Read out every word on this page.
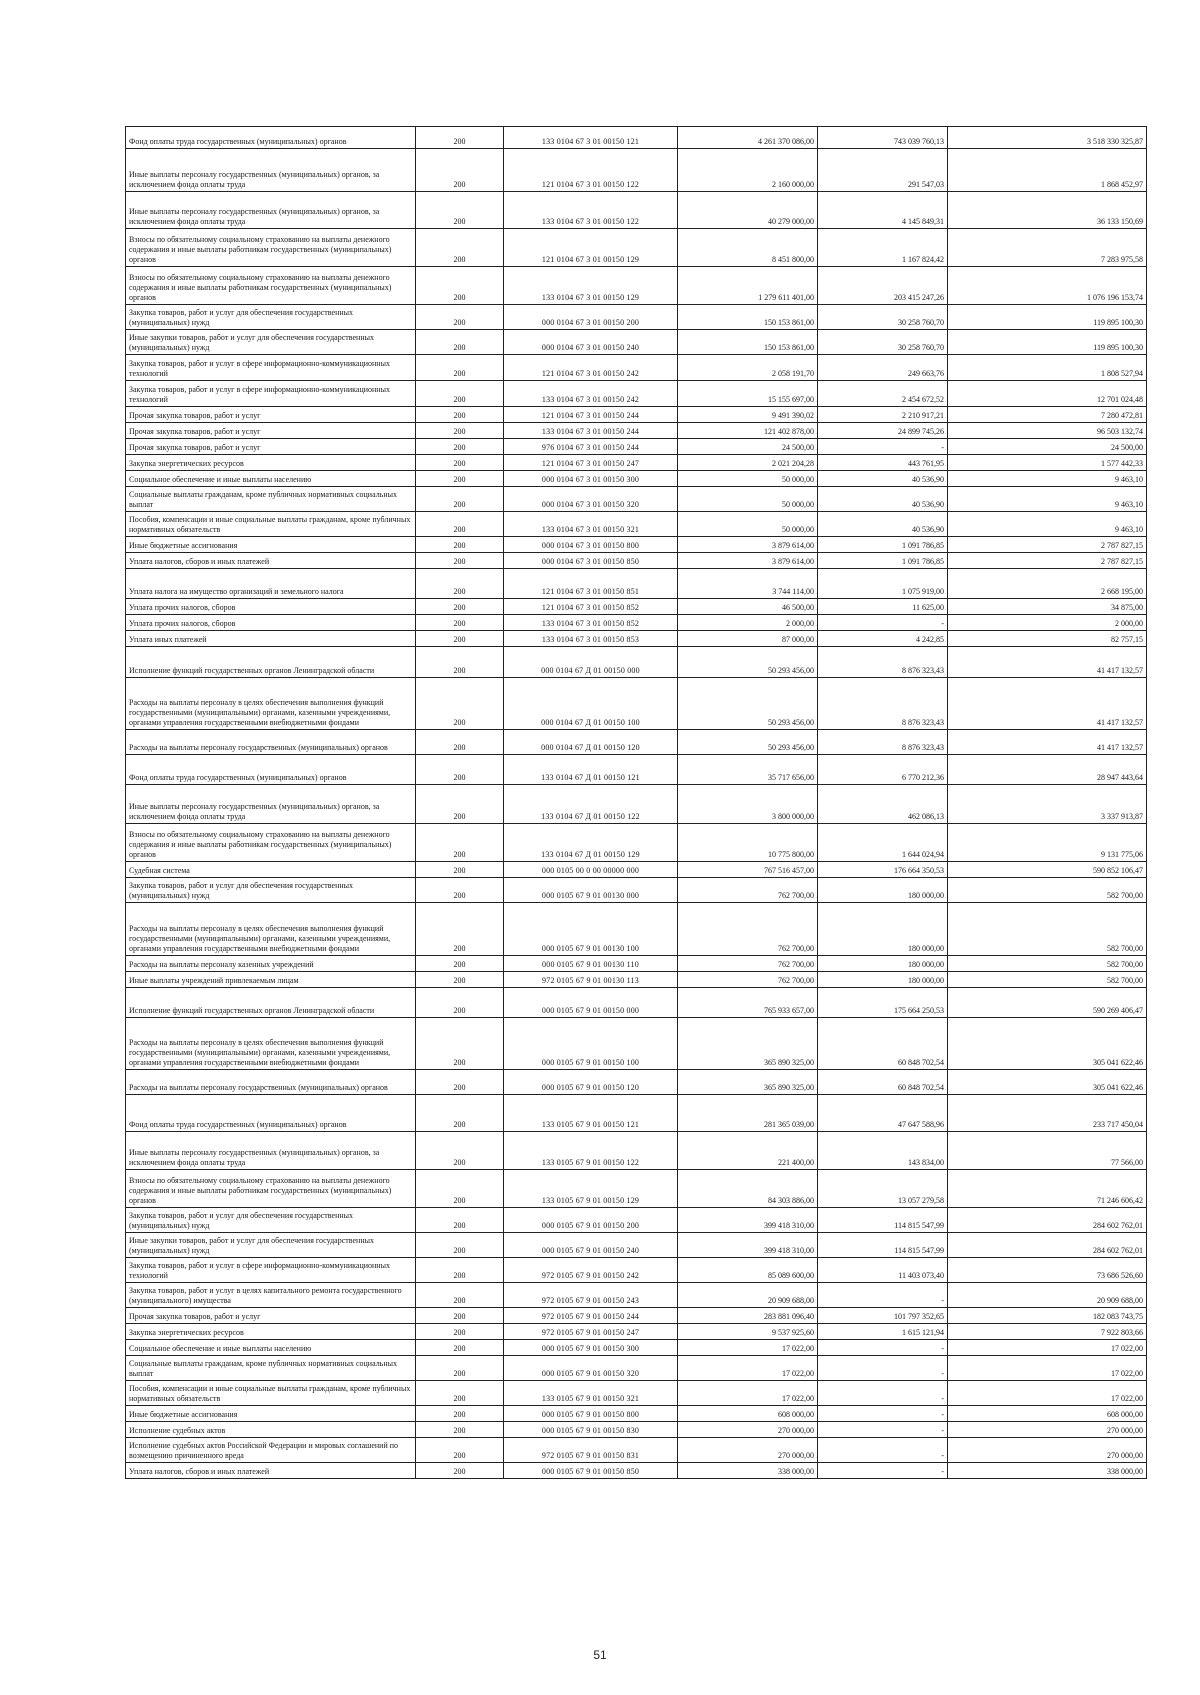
Фонд оплаты труда государственных (муниципальных) органов	200	133 0104 67 3 01 00150 121	4 261 370 086,00	743 039 760,13	3 518 330 325,87
Иные выплаты персоналу государственных (муниципальных) органов, за исключением фонда оплаты труда	200	121 0104 67 3 01 00150 122	2 160 000,00	291 547,03	1 868 452,97
Иные выплаты персоналу государственных (муниципальных) органов, за исключением фонда оплаты труда	200	133 0104 67 3 01 00150 122	40 279 000,00	4 145 849,31	36 133 150,69
Взносы по обязательному социальному страхованию на выплаты денежного содержания и иные выплаты работникам государственных (муниципальных) органов	200	121 0104 67 3 01 00150 129	8 451 800,00	1 167 824,42	7 283 975,58
Взносы по обязательному социальному страхованию на выплаты денежного содержания и иные выплаты работникам государственных (муниципальных) органов	200	133 0104 67 3 01 00150 129	1 279 611 401,00	203 415 247,26	1 076 196 153,74
Закупка товаров, работ и услуг для обеспечения государственных (муниципальных) нужд	200	000 0104 67 3 01 00150 200	150 153 861,00	30 258 760,70	119 895 100,30
Иные закупки товаров, работ и услуг для обеспечения государственных (муниципальных) нужд	200	000 0104 67 3 01 00150 240	150 153 861,00	30 258 760,70	119 895 100,30
Закупка товаров, работ и услуг в сфере информационно-коммуникационных технологий	200	121 0104 67 3 01 00150 242	2 058 191,70	249 663,76	1 808 527,94
Закупка товаров, работ и услуг в сфере информационно-коммуникационных технологий	200	133 0104 67 3 01 00150 242	15 155 697,00	2 454 672,52	12 701 024,48
Прочая закупка товаров, работ и услуг	200	121 0104 67 3 01 00150 244	9 491 390,02	2 210 917,21	7 280 472,81
Прочая закупка товаров, работ и услуг	200	133 0104 67 3 01 00150 244	121 402 878,00	24 899 745,26	96 503 132,74
Прочая закупка товаров, работ и услуг	200	976 0104 67 3 01 00150 244	24 500,00	-	24 500,00
Закупка энергетических ресурсов	200	121 0104 67 3 01 00150 247	2 021 204,28	443 761,95	1 577 442,33
Социальное обеспечение и иные выплаты населению	200	000 0104 67 3 01 00150 300	50 000,00	40 536,90	9 463,10
Социальные выплаты гражданам, кроме публичных нормативных социальных выплат	200	000 0104 67 3 01 00150 320	50 000,00	40 536,90	9 463,10
Пособия, компенсации и иные социальные выплаты гражданам, кроме публичных нормативных обязательств	200	133 0104 67 3 01 00150 321	50 000,00	40 536,90	9 463,10
Иные бюджетные ассигнования	200	000 0104 67 3 01 00150 800	3 879 614,00	1 091 786,85	2 787 827,15
Уплата налогов, сборов и иных платежей	200	000 0104 67 3 01 00150 850	3 879 614,00	1 091 786,85	2 787 827,15
Уплата налога на имущество организаций и земельного налога	200	121 0104 67 3 01 00150 851	3 744 114,00	1 075 919,00	2 668 195,00
Уплата прочих налогов, сборов	200	121 0104 67 3 01 00150 852	46 500,00	11 625,00	34 875,00
Уплата прочих налогов, сборов	200	133 0104 67 3 01 00150 852	2 000,00	-	2 000,00
Уплата иных платежей	200	133 0104 67 3 01 00150 853	87 000,00	4 242,85	82 757,15
Исполнение функций государственных органов Ленинградской области	200	000 0104 67 Д 01 00150 000	50 293 456,00	8 876 323,43	41 417 132,57
Расходы на выплаты персоналу в целях обеспечения выполнения функций государственными (муниципальными) органами, казенными учреждениями, органами управления государственными внебюджетными фондами	200	000 0104 67 Д 01 00150 100	50 293 456,00	8 876 323,43	41 417 132,57
Расходы на выплаты персоналу государственных (муниципальных) органов	200	000 0104 67 Д 01 00150 120	50 293 456,00	8 876 323,43	41 417 132,57
Фонд оплаты труда государственных (муниципальных) органов	200	133 0104 67 Д 01 00150 121	35 717 656,00	6 770 212,36	28 947 443,64
Иные выплаты персоналу государственных (муниципальных) органов, за исключением фонда оплаты труда	200	133 0104 67 Д 01 00150 122	3 800 000,00	462 086,13	3 337 913,87
Взносы по обязательному социальному страхованию на выплаты денежного содержания и иные выплаты работникам государственных (муниципальных) органов	200	133 0104 67 Д 01 00150 129	10 775 800,00	1 644 024,94	9 131 775,06
Судебная система	200	000 0105 00 0 00 00000 000	767 516 457,00	176 664 350,53	590 852 106,47
Закупка товаров, работ и услуг для обеспечения государственных (муниципальных) нужд	200	000 0105 67 9 01 00130 000	762 700,00	180 000,00	582 700,00
Расходы на выплаты персоналу в целях обеспечения выполнения функций государственными (муниципальными) органами, казенными учреждениями, органами управления государственными внебюджетными фондами	200	000 0105 67 9 01 00130 100	762 700,00	180 000,00	582 700,00
Расходы на выплаты персоналу казенных учреждений	200	000 0105 67 9 01 00130 110	762 700,00	180 000,00	582 700,00
Иные выплаты учреждений привлекаемым лицам	200	972 0105 67 9 01 00130 113	762 700,00	180 000,00	582 700,00
Исполнение функций государственных органов Ленинградской области	200	000 0105 67 9 01 00150 000	765 933 657,00	175 664 250,53	590 269 406,47
Расходы на выплаты персоналу в целях обеспечения выполнения функций государственными (муниципальными) органами, казенными учреждениями, органами управления государственными внебюджетными фондами	200	000 0105 67 9 01 00150 100	365 890 325,00	60 848 702,54	305 041 622,46
Расходы на выплаты персоналу государственных (муниципальных) органов	200	000 0105 67 9 01 00150 120	365 890 325,00	60 848 702,54	305 041 622,46
Фонд оплаты труда государственных (муниципальных) органов	200	133 0105 67 9 01 00150 121	281 365 039,00	47 647 588,96	233 717 450,04
Иные выплаты персоналу государственных (муниципальных) органов, за исключением фонда оплаты труда	200	133 0105 67 9 01 00150 122	221 400,00	143 834,00	77 566,00
Взносы по обязательному социальному страхованию на выплаты денежного содержания и иные выплаты работникам государственных (муниципальных) органов	200	133 0105 67 9 01 00150 129	84 303 886,00	13 057 279,58	71 246 606,42
Закупка товаров, работ и услуг для обеспечения государственных (муниципальных) нужд	200	000 0105 67 9 01 00150 200	399 418 310,00	114 815 547,99	284 602 762,01
Иные закупки товаров, работ и услуг для обеспечения государственных (муниципальных) нужд	200	000 0105 67 9 01 00150 240	399 418 310,00	114 815 547,99	284 602 762,01
Закупка товаров, работ и услуг в сфере информационно-коммуникационных технологий	200	972 0105 67 9 01 00150 242	85 089 600,00	11 403 073,40	73 686 526,60
Закупка товаров, работ и услуг в целях капитального ремонта государственного (муниципального) имущества	200	972 0105 67 9 01 00150 243	20 909 688,00	-	20 909 688,00
Прочая закупка товаров, работ и услуг	200	972 0105 67 9 01 00150 244	283 881 096,40	101 797 352,65	182 083 743,75
Закупка энергетических ресурсов	200	972 0105 67 9 01 00150 247	9 537 925,60	1 615 121,94	7 922 803,66
Социальное обеспечение и иные выплаты населению	200	000 0105 67 9 01 00150 300	17 022,00	-	17 022,00
Социальные выплаты гражданам, кроме публичных нормативных социальных выплат	200	000 0105 67 9 01 00150 320	17 022,00	-	17 022,00
Пособия, компенсации и иные социальные выплаты гражданам, кроме публичных нормативных обязательств	200	133 0105 67 9 01 00150 321	17 022,00	-	17 022,00
Иные бюджетные ассигнования	200	000 0105 67 9 01 00150 800	608 000,00	-	608 000,00
Исполнение судебных актов	200	000 0105 67 9 01 00150 830	270 000,00	-	270 000,00
Исполнение судебных актов Российской Федерации и мировых соглашений по возмещению причиненного вреда	200	972 0105 67 9 01 00150 831	270 000,00	-	270 000,00
Уплата налогов, сборов и иных платежей	200	000 0105 67 9 01 00150 850	338 000,00	-	338 000,00
51
